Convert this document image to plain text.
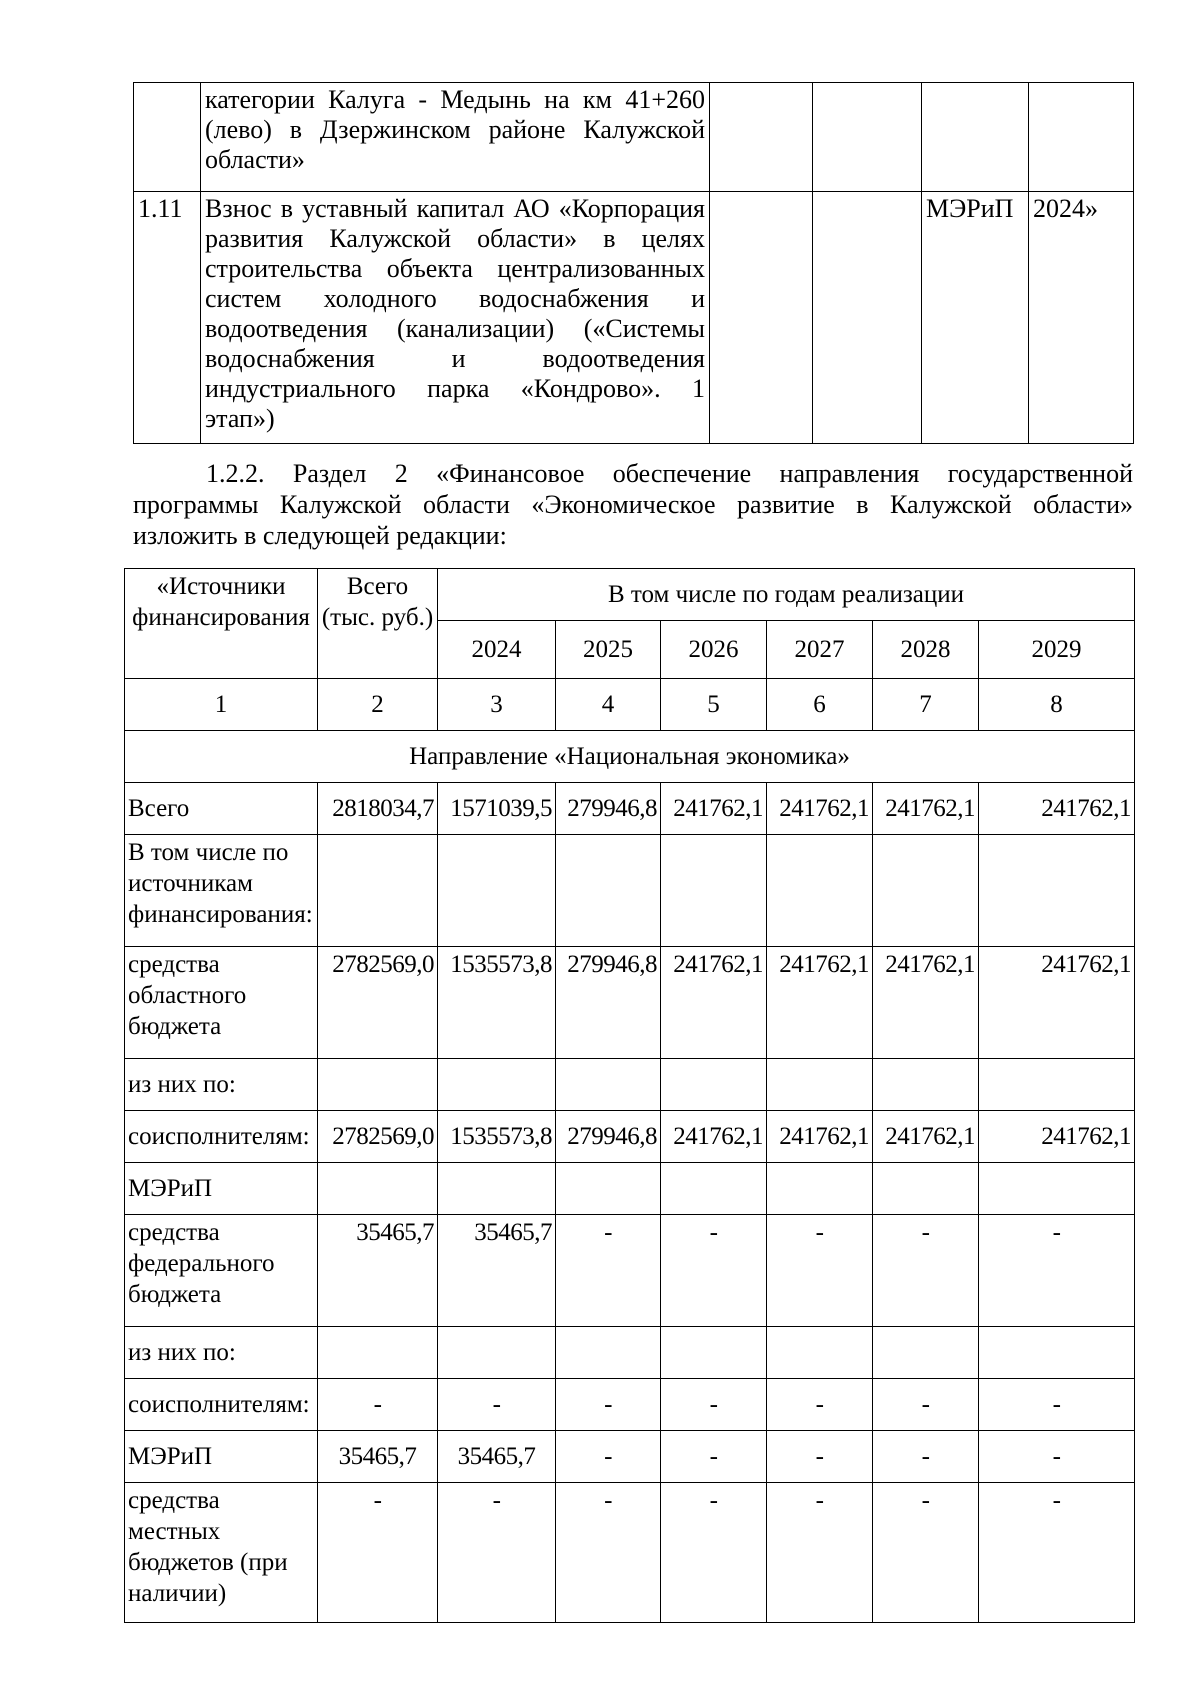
	категории Калуга - Медынь на км 41+260 (лево) в Дзержинском районе Калужской области»				
1.11	Взнос в уставный капитал АО «Корпорация развития Калужской области» в целях строительства объекта централизованных систем холодного водоснабжения и водоотведения (канализации) («Системы водоснабжения и водоотведения индустриального парка «Кондрово». 1 этап»)			МЭРиП	2024»

1.2.2. Раздел 2 «Финансовое обеспечение направления государственной программы Калужской области «Экономическое развитие в Калужской области» изложить в следующей редакции:

«Источники финансирования	Всего (тыс. руб.)	В том числе по годам реализации					
		2024	2025	2026	2027	2028	2029
1	2	3	4	5	6	7	8
Направление «Национальная экономика»							
Всего	2818034,7	1571039,5	279946,8	241762,1	241762,1	241762,1	241762,1
В том числе по источникам финансирования:							
средства областного бюджета	2782569,0	1535573,8	279946,8	241762,1	241762,1	241762,1	241762,1
из них по:							
соисполнителям:	2782569,0	1535573,8	279946,8	241762,1	241762,1	241762,1	241762,1
МЭРиП							
средства федерального бюджета	35465,7	35465,7	-	-	-	-	-
из них по:							
соисполнителям:	-	-	-	-	-	-	-
МЭРиП	35465,7	35465,7	-	-	-	-	-
средства местных бюджетов (при наличии)	-	-	-	-	-	-	-
